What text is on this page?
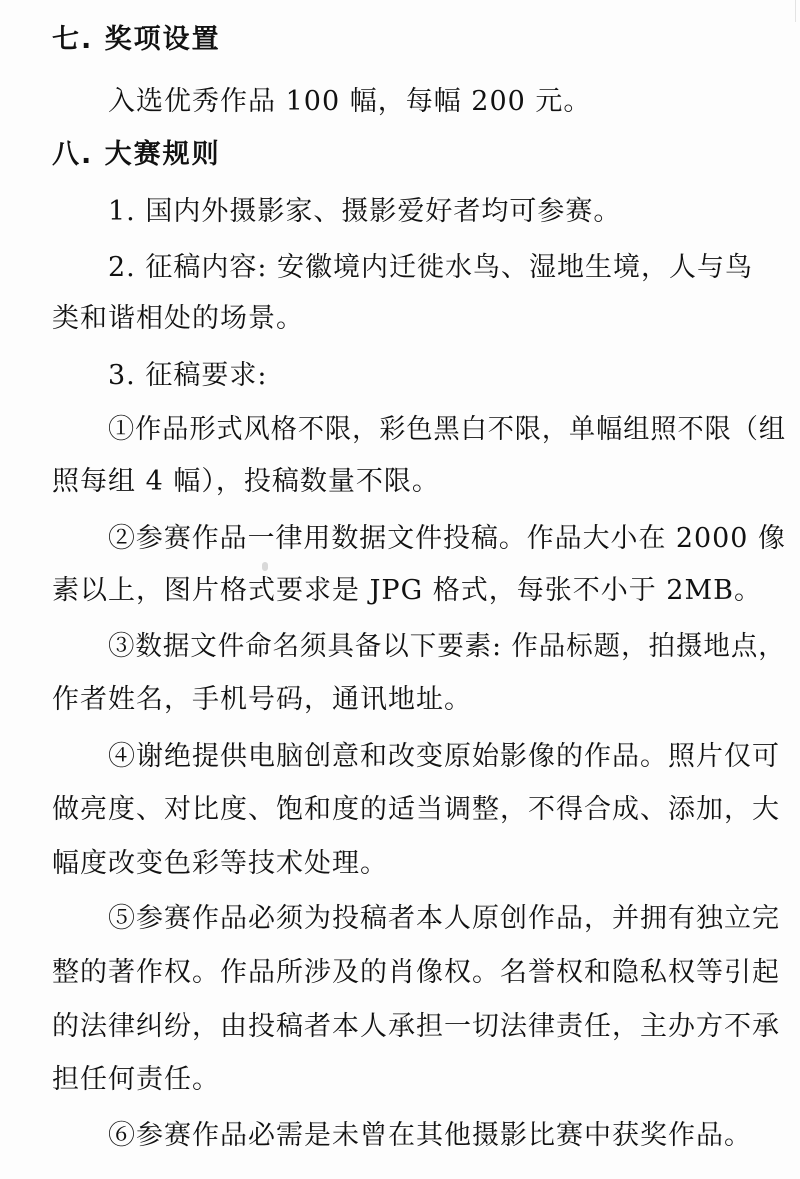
七. 奖项设置
入选优秀作品 100 幅，每幅 200 元。
八. 大赛规则
1. 国内外摄影家、摄影爱好者均可参赛。
2. 征稿内容: 安徽境内迁徙水鸟、湿地生境，人与鸟
类和谐相处的场景。
3. 征稿要求:
①作品形式风格不限，彩色黑白不限，单幅组照不限（组
照每组 4 幅），投稿数量不限。
②参赛作品一律用数据文件投稿。作品大小在 2000 像
素以上，图片格式要求是 JPG 格式，每张不小于 2MB。
③数据文件命名须具备以下要素: 作品标题，拍摄地点，
作者姓名，手机号码，通讯地址。
④谢绝提供电脑创意和改变原始影像的作品。照片仅可
做亮度、对比度、饱和度的适当调整，不得合成、添加，大
幅度改变色彩等技术处理。
⑤参赛作品必须为投稿者本人原创作品，并拥有独立完
整的著作权。作品所涉及的肖像权。名誉权和隐私权等引起
的法律纠纷，由投稿者本人承担一切法律责任，主办方不承
担任何责任。
⑥参赛作品必需是未曾在其他摄影比赛中获奖作品。
